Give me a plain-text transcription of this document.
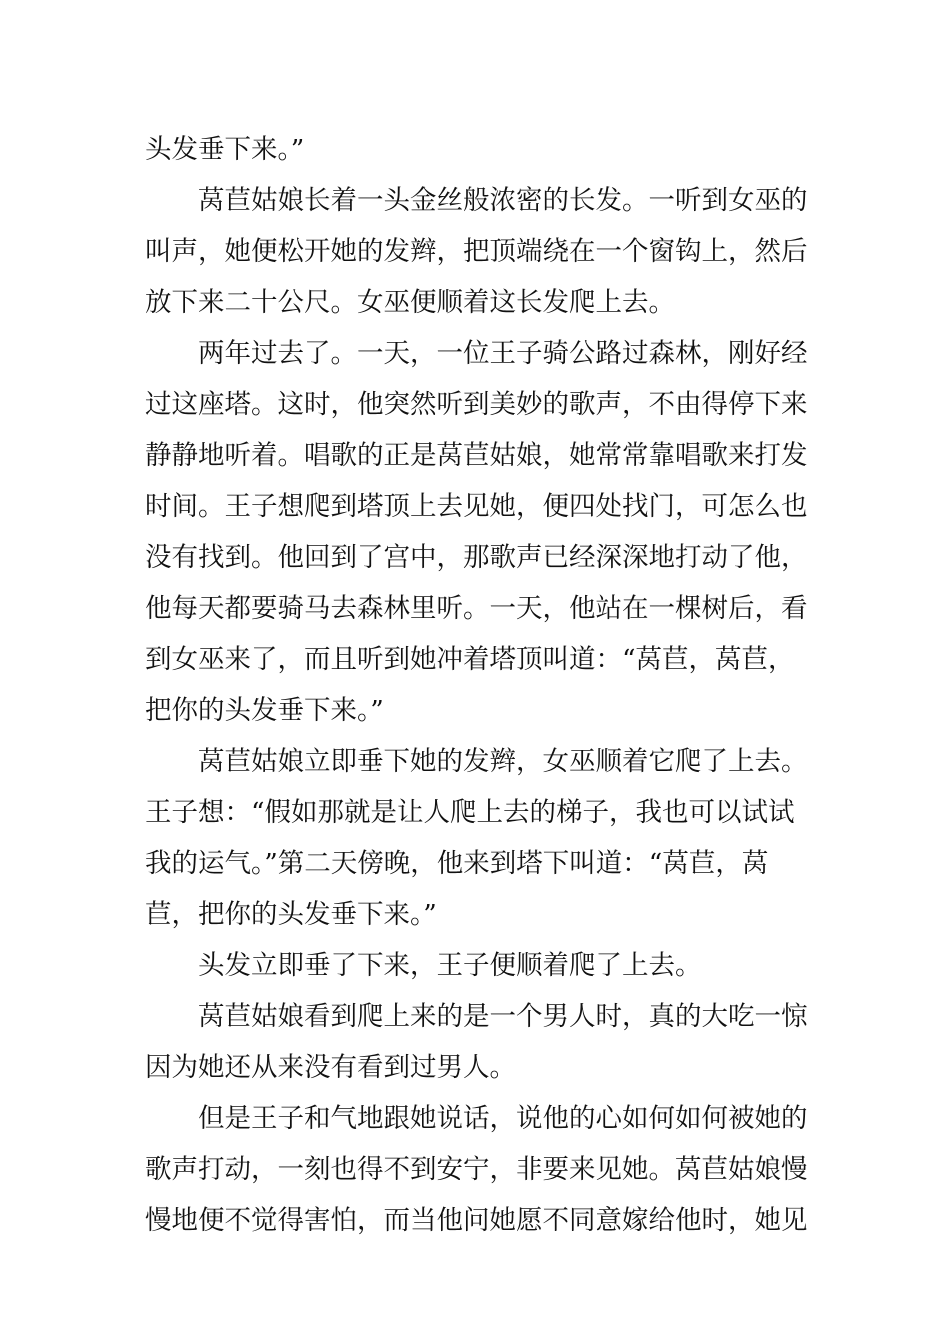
头发垂下来。”
莴苣姑娘长着一头金丝般浓密的长发。一听到女巫的
叫声，她便松开她的发辫，把顶端绕在一个窗钩上，然后
放下来二十公尺。女巫便顺着这长发爬上去。
两年过去了。一天，一位王子骑公路过森林，刚好经
过这座塔。这时，他突然听到美妙的歌声，不由得停下来
静静地听着。唱歌的正是莴苣姑娘，她常常靠唱歌来打发
时间。王子想爬到塔顶上去见她，便四处找门，可怎么也
没有找到。他回到了宫中，那歌声已经深深地打动了他，
他每天都要骑马去森林里听。一天，他站在一棵树后，看
到女巫来了，而且听到她冲着塔顶叫道：“莴苣，莴苣，
把你的头发垂下来。”
莴苣姑娘立即垂下她的发辫，女巫顺着它爬了上去。
王子想：“假如那就是让人爬上去的梯子，我也可以试试
我的运气。”第二天傍晚，他来到塔下叫道：“莴苣，莴
苣，把你的头发垂下来。”
头发立即垂了下来，王子便顺着爬了上去。
莴苣姑娘看到爬上来的是一个男人时，真的大吃一惊
因为她还从来没有看到过男人。
但是王子和气地跟她说话，说他的心如何如何被她的
歌声打动，一刻也得不到安宁，非要来见她。莴苣姑娘慢
慢地便不觉得害怕，而当他问她愿不同意嫁给他时，她见
